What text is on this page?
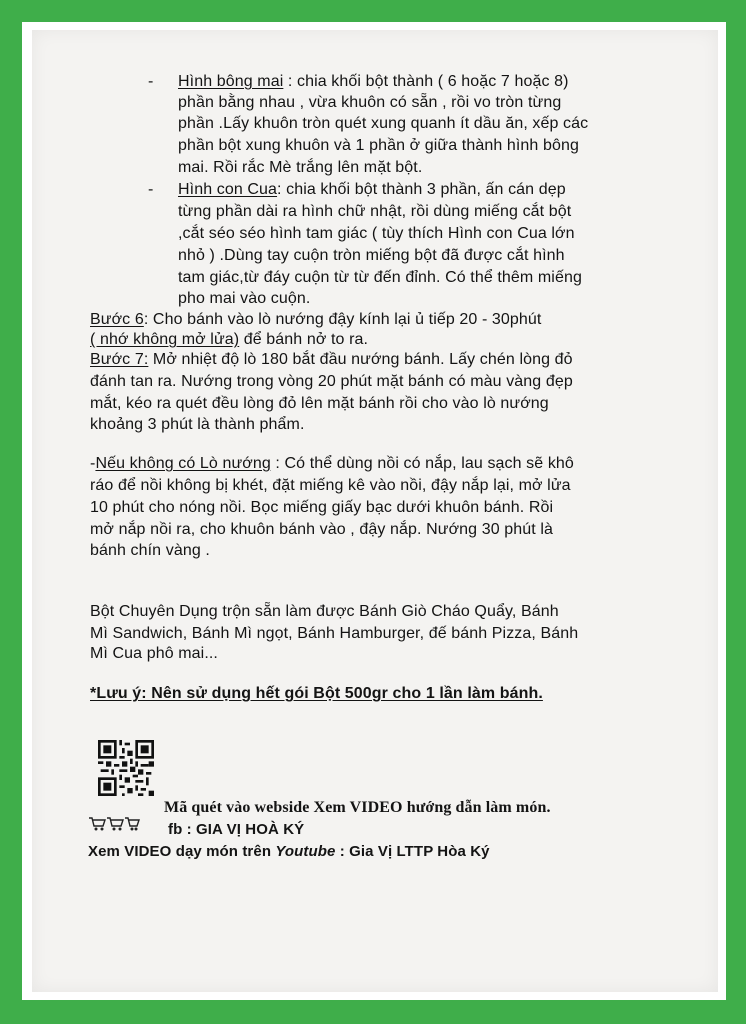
- Hình bông mai : chia khối bột thành ( 6 hoặc 7 hoặc 8)
phần bằng nhau , vừa khuôn có sẵn , rồi vo tròn từng
phần .Lấy khuôn tròn quét xung quanh ít dầu ăn, xếp các
phần bột xung khuôn và 1 phần ở giữa thành hình bông
mai. Rồi rắc Mè trắng lên mặt bột.
- Hình con Cua: chia khối bột thành 3 phần, ấn cán dẹp
từng phần dài ra hình chữ nhật, rồi dùng miếng cắt bột
,cắt séo séo hình tam giác ( tùy thích Hình con Cua lớn
nhỏ ) .Dùng tay cuộn tròn miếng bột đã được cắt hình
tam giác,từ đáy cuộn từ từ đến đỉnh. Có thể thêm miếng
pho mai vào cuộn.
Bước 6: Cho bánh vào lò nướng đậy kính lại ủ tiếp 20 - 30phút
( nhớ không mở lửa) để bánh nở to ra.
Bước 7: Mở nhiệt độ lò 180 bắt đầu nướng bánh. Lấy chén lòng đỏ
đánh tan ra. Nướng trong vòng 20 phút mặt bánh có màu vàng đẹp
mắt, kéo ra quét đều lòng đỏ lên mặt bánh rồi cho vào lò nướng
khoảng 3 phút là thành phẩm.
-Nếu không có Lò nướng : Có thể dùng nồi có nắp, lau sạch sẽ khô
ráo để nồi không bị khét, đặt miếng kê vào nồi, đậy nắp lại, mở lửa
10 phút cho nóng nồi. Bọc miếng giấy bạc dưới khuôn bánh. Rồi
mở nắp nồi ra, cho khuôn bánh vào , đậy nắp. Nướng 30 phút là
bánh chín vàng .
Bột Chuyên Dụng trộn sẵn làm được Bánh Giò Cháo Quẩy, Bánh
Mì Sandwich, Bánh Mì ngọt, Bánh Hamburger, đế bánh Pizza, Bánh
Mì Cua phô mai...
*Lưu ý: Nên sử dụng hết gói Bột 500gr cho 1 lần làm bánh.
Mã quét vào webside Xem VIDEO hướng dẫn làm món.
fb : GIA VỊ HOÀ KÝ
Xem VIDEO dạy món trên Youtube : Gia Vị LTTP Hòa Ký
